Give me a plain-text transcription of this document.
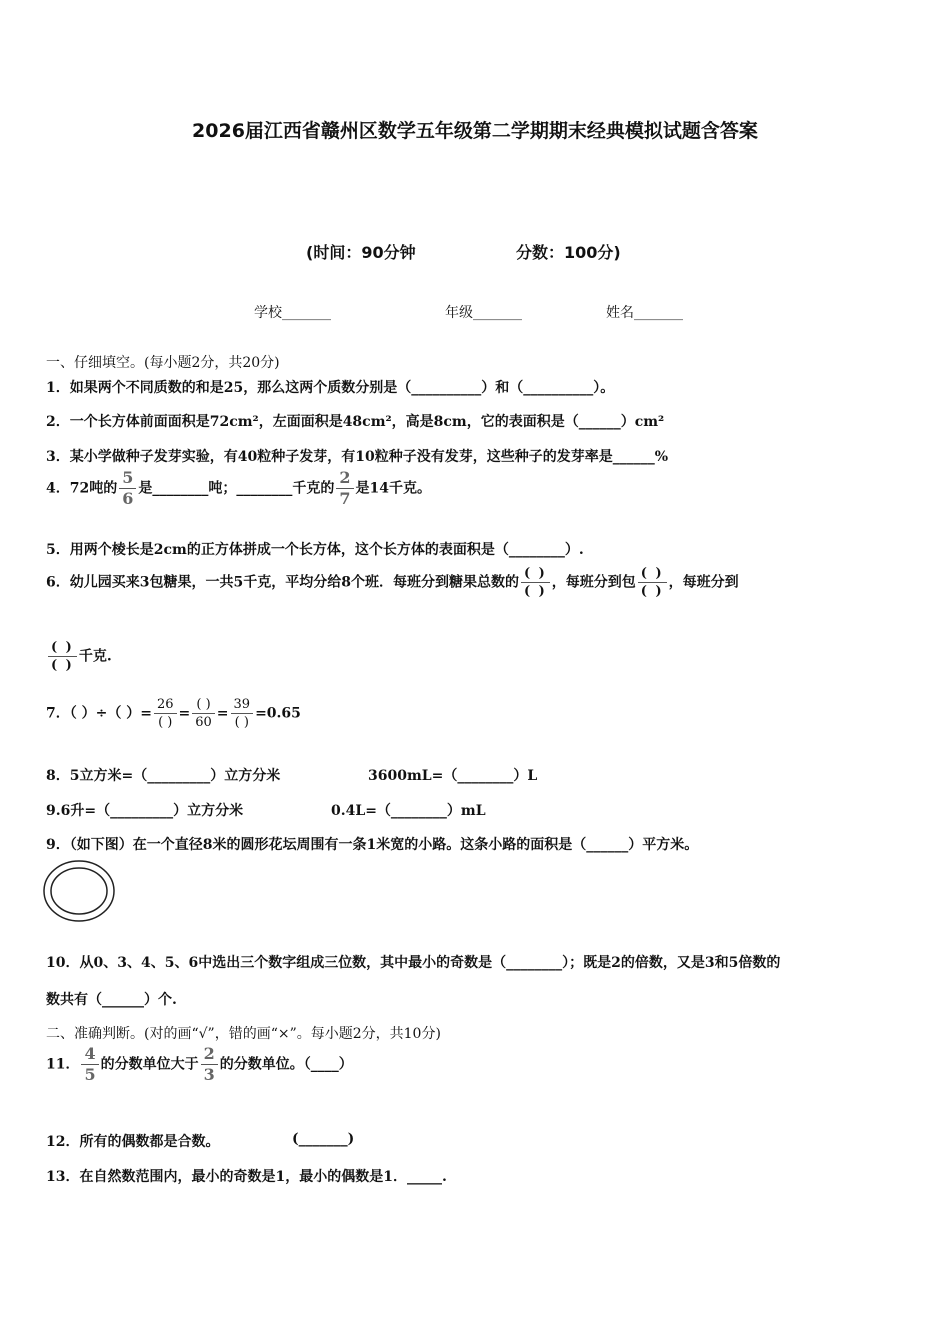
2026届江西省赣州区数学五年级第二学期期末经典模拟试题含答案
(时间：90分钟	分数：100分)
学校_______	年级_______	姓名_______
一、仔细填空。(每小题2分，共20分)
1．如果两个不同质数的和是25，那么这两个质数分别是（__________）和（__________）。
2．一个长方体前面面积是72cm²，左面面积是48cm²，高是8cm，它的表面积是（______）cm²
3．某小学做种子发芽实验，有40粒种子发芽，有10粒种子没有发芽，这些种子的发芽率是______%
4．72吨的 $\frac{5}{6}$ 是________吨；________千克的 $\frac{2}{7}$ 是14千克。
5．用两个棱长是2cm的正方体拼成一个长方体，这个长方体的表面积是（________）.
6．幼儿园买来3包糖果，一共5千克，平均分给8个班．每班分到糖果总数的 $\frac{( )}{( )}$ ，每班分到包 $\frac{( )}{( )}$ ，每班分到
$\frac{( )}{( )}$ 千克.
7．（ ）÷（ ）= $\frac{26}{( )} = \frac{( )}{60} = \frac{39}{( )} =0.65$
8．5立方米=（_________）立方分米	3600mL=（________）L
9.6升=（_________）立方分米	0.4L=（________）mL
9．（如下图）在一个直径8米的圆形花坛周围有一条1米宽的小路。这条小路的面积是（______）平方米。
10．从0、3、4、5、6中选出三个数字组成三位数，其中最小的奇数是（________）；既是2的倍数，又是3和5倍数的
数共有（______）个.
二、准确判断。(对的画“√”，错的画“×”。每小题2分，共10分)
11． $\frac{4}{5}$ 的分数单位大于 $\frac{2}{3}$ 的分数单位。（____）
12．所有的偶数都是合数。	(_______)
13．在自然数范围内，最小的奇数是1，最小的偶数是1．_____.
